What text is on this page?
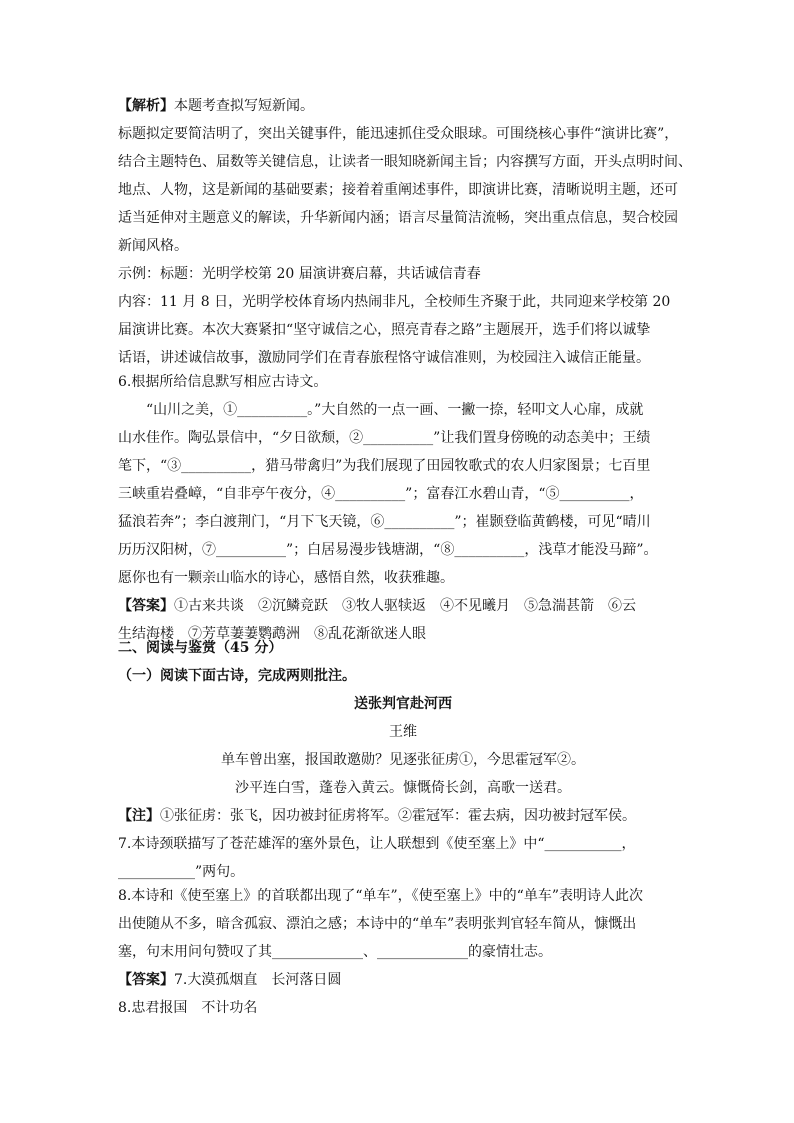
【解析】本题考查拟写短新闻。
标题拟定要简洁明了，突出关键事件，能迅速抓住受众眼球。可围绕核心事件“演讲比赛”，
结合主题特色、届数等关键信息，让读者一眼知晓新闻主旨；内容撰写方面，开头点明时间、
地点、人物，这是新闻的基础要素；接着着重阐述事件，即演讲比赛，清晰说明主题，还可
适当延伸对主题意义的解读，升华新闻内涵；语言尽量简洁流畅，突出重点信息，契合校园
新闻风格。
示例：标题：光明学校第 20 届演讲赛启幕，共话诚信青春
内容：11 月 8 日，光明学校体育场内热闹非凡，全校师生齐聚于此，共同迎来学校第 20
届演讲比赛。本次大赛紧扣“坚守诚信之心，照亮青春之路”主题展开，选手们将以诚挚
话语，讲述诚信故事，激励同学们在青春旅程恪守诚信准则，为校园注入诚信正能量。
6.根据所给信息默写相应古诗文。
　　“山川之美，①__________。”大自然的一点一画、一撇一捺，轻叩文人心扉，成就
山水佳作。陶弘景信中，“夕日欲颓，②__________”让我们置身傍晚的动态美中；王绩
笔下，“③__________，猎马带禽归”为我们展现了田园牧歌式的农人归家图景；七百里
三峡重岩叠嶂，“自非亭午夜分，④__________”；富春江水碧山青，“⑤__________，
猛浪若奔”；李白渡荆门，“月下飞天镜，⑥__________”；崔颢登临黄鹤楼，可见“晴川
历历汉阳树，⑦__________”；白居易漫步钱塘湖，“⑧__________，浅草才能没马蹄”。
愿你也有一颗亲山临水的诗心，感悟自然，收获雅趣。
【答案】①古来共谈　②沉鳞竞跃　③牧人驱犊返　④不见曦月　⑤急湍甚箭　⑥云
生结海楼　⑦芳草萋萋鹦鹉洲　⑧乱花渐欲迷人眼
二、阅读与鉴赏（45 分）
（一）阅读下面古诗，完成两则批注。
送张判官赴河西
王维
单车曾出塞，报国敢邀勋？见逐张征虏①，今思霍冠军②。
沙平连白雪，蓬卷入黄云。慷慨倚长剑，高歌一送君。
【注】①张征虏：张飞，因功被封征虏将军。②霍冠军：霍去病，因功被封冠军侯。
7.本诗颈联描写了苍茫雄浑的塞外景色，让人联想到《使至塞上》中“___________，
___________”两句。
8.本诗和《使至塞上》的首联都出现了“单车”，《使至塞上》中的“单车”表明诗人此次
出使随从不多，暗含孤寂、漂泊之感；本诗中的“单车”表明张判官轻车简从，慷慨出
塞，句末用问句赞叹了其_____________、_____________的豪情壮志。
【答案】7.大漠孤烟直　长河落日圆
8.忠君报国　不计功名
